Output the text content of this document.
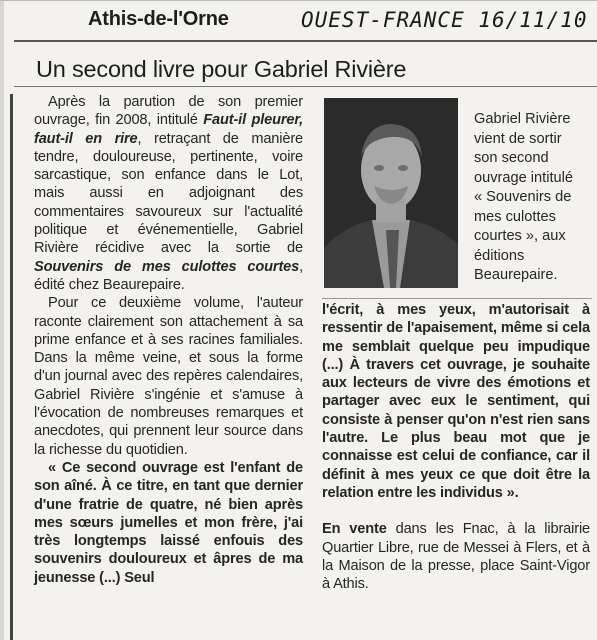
Athis-de-l'Orne	OUEST-FRANCE 16/11/10
Un second livre pour Gabriel Rivière

Après la parution de son premier ouvrage, fin 2008, intitulé Faut-il pleurer, faut-il en rire, retraçant de manière tendre, douloureuse, pertinente, voire sarcastique, son enfance dans le Lot, mais aussi en adjoignant des commentaires savoureux sur l'actualité politique et événementielle, Gabriel Rivière récidive avec la sortie de Souvenirs de mes culottes courtes, édité chez Beaurepaire.

Pour ce deuxième volume, l'auteur raconte clairement son attachement à sa prime enfance et à ses racines familiales. Dans la même veine, et sous la forme d'un journal avec des repères calendaires, Gabriel Rivière s'ingénie et s'amuse à l'évocation de nombreuses remarques et anecdotes, qui prennent leur source dans la richesse du quotidien.

« Ce second ouvrage est l'enfant de son aîné. À ce titre, en tant que dernier d'une fratrie de quatre, né bien après mes sœurs jumelles et mon frère, j'ai très longtemps laissé enfouis des souvenirs douloureux et âpres de ma jeunesse (...) Seul

Gabriel Rivière
vient de sortir
son second
ouvrage intitulé
« Souvenirs de
mes culottes
courtes », aux
éditions
Beaurepaire.

l'écrit, à mes yeux, m'autorisait à ressentir de l'apaisement, même si cela me semblait quelque peu impudique (...) À travers cet ouvrage, je souhaite aux lecteurs de vivre des émotions et partager avec eux le sentiment, qui consiste à penser qu'on n'est rien sans l'autre. Le plus beau mot que je connaisse est celui de confiance, car il définit à mes yeux ce que doit être la relation entre les individus ».

En vente dans les Fnac, à la librairie Quartier Libre, rue de Messei à Flers, et à la Maison de la presse, place Saint-Vigor à Athis.
